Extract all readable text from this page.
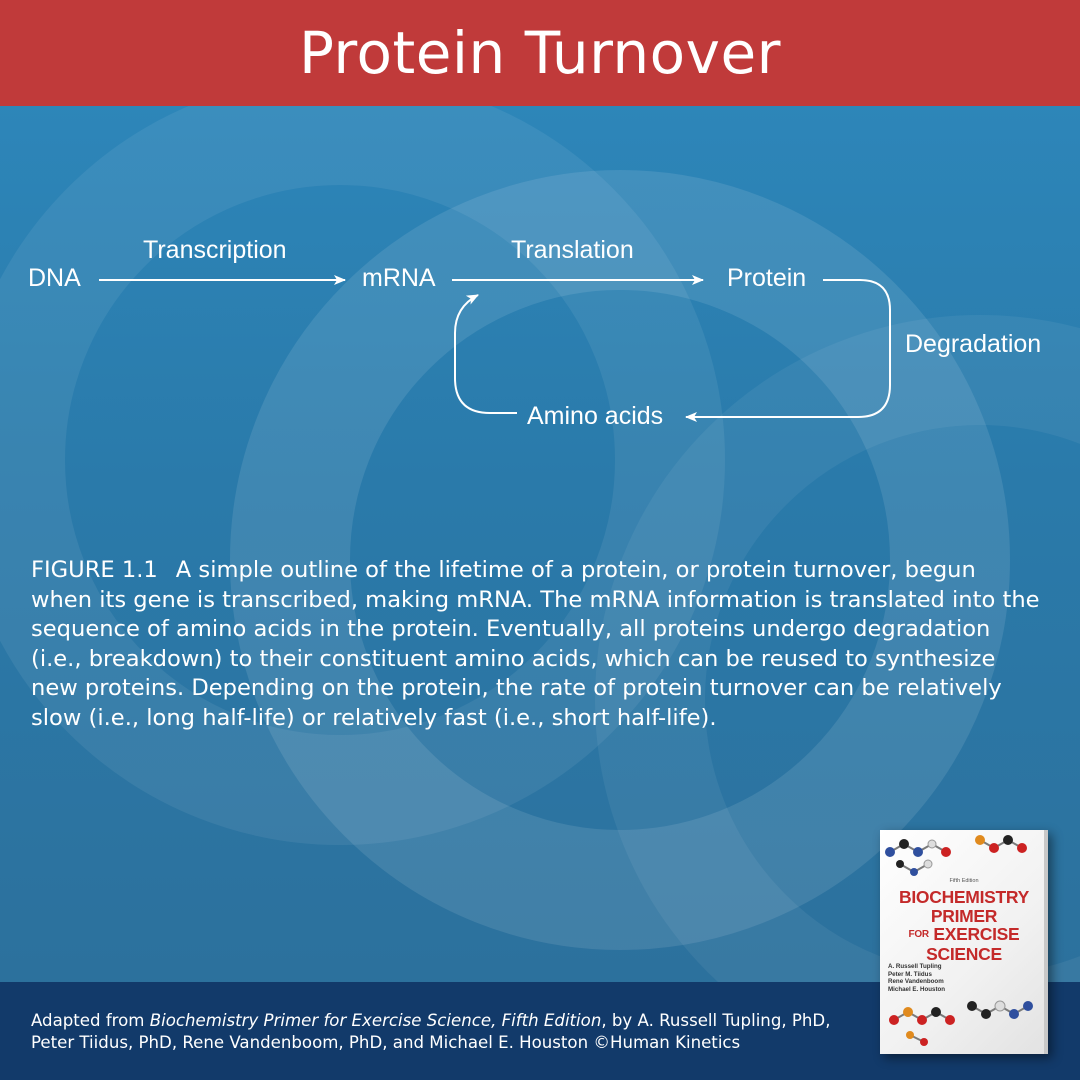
Protein Turnover
DNA	mRNA	Protein
Amino acids
Transcription	Translation
Degradation
FIGURE 1.1 A simple outline of the lifetime of a protein, or protein turnover, begun when its gene is transcribed, making mRNA. The mRNA information is translated into the sequence of amino acids in the protein. Eventually, all proteins undergo degradation (i.e., breakdown) to their constituent amino acids, which can be reused to synthesize new proteins. Depending on the protein, the rate of protein turnover can be relatively slow (i.e., long half-life) or relatively fast (i.e., short half-life).
Adapted from Biochemistry Primer for Exercise Science, Fifth Edition, by A. Russell Tupling, PhD, Peter Tiidus, PhD, Rene Vandenboom, PhD, and Michael E. Houston ©Human Kinetics
Fifth Edition
BIOCHEMISTRY
PRIMER
FOR EXERCISE
SCIENCE
A. Russell Tupling
Peter M. Tiidus
Rene Vandenboom
Michael E. Houston
